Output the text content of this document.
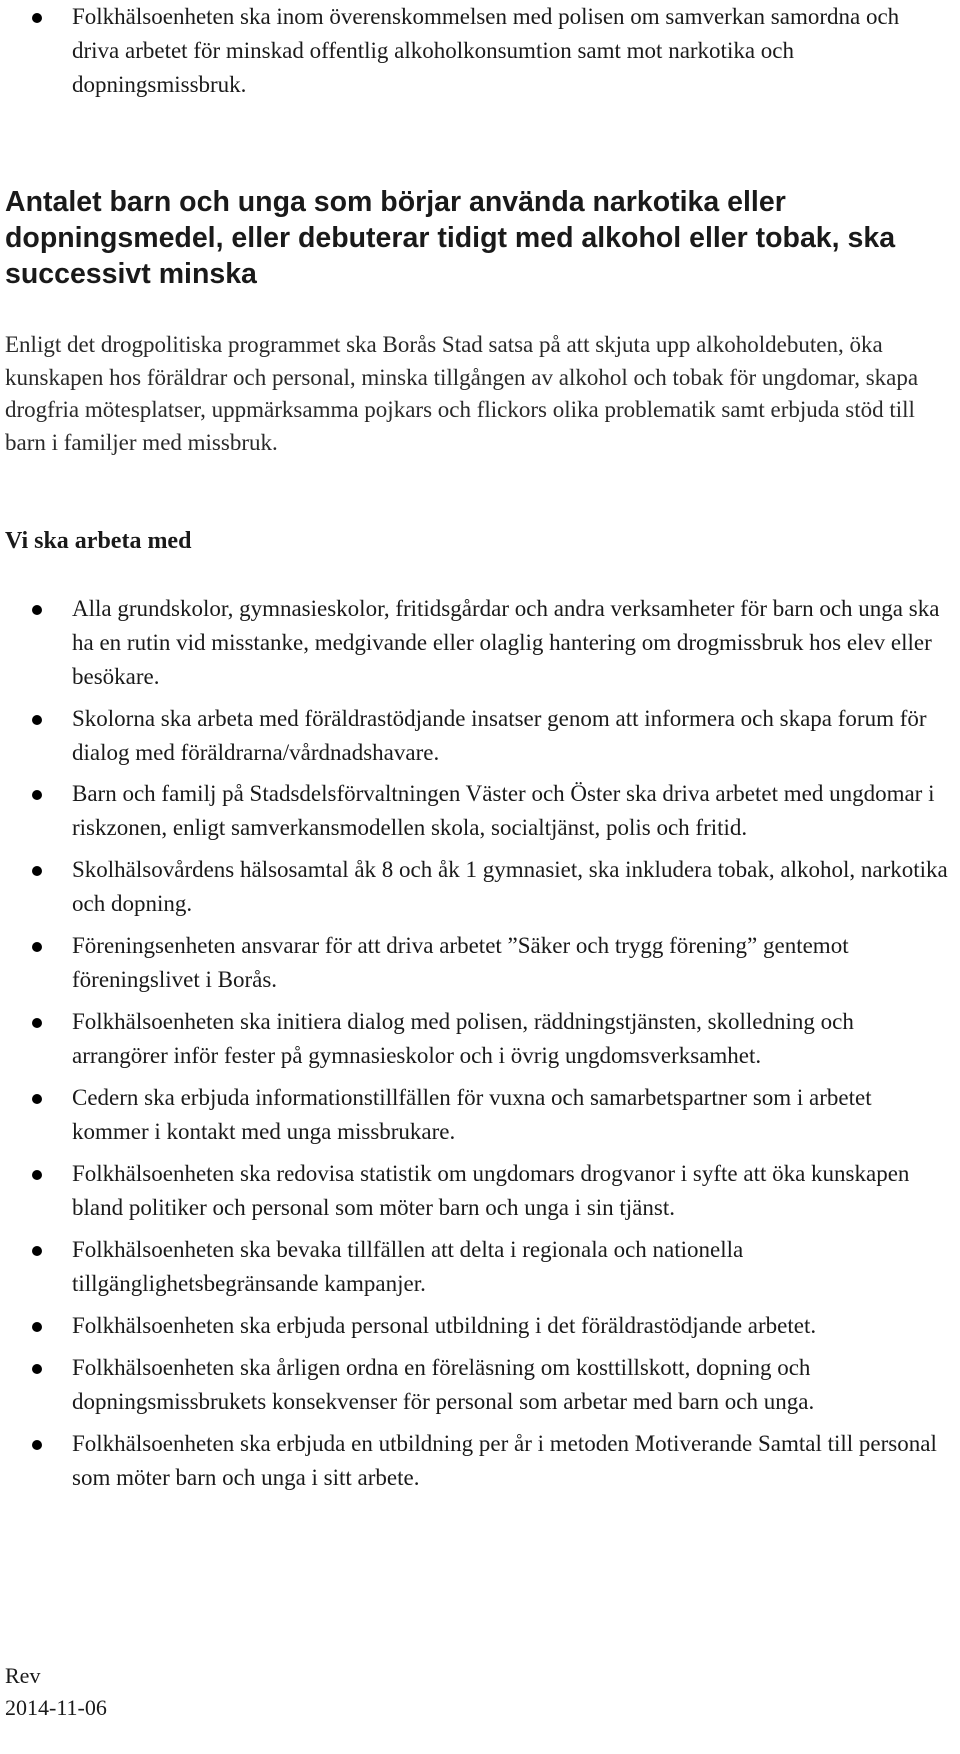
Folkhälsoenheten ska inom överenskommelsen med polisen om samverkan samordna och driva arbetet för minskad offentlig alkoholkonsumtion samt mot narkotika och dopningsmissbruk.
Antalet barn och unga som börjar använda narkotika eller dopningsmedel, eller debuterar tidigt med alkohol eller tobak, ska successivt minska

Enligt det drogpolitiska programmet ska Borås Stad satsa på att skjuta upp alkoholdebuten, öka kunskapen hos föräldrar och personal, minska tillgången av alkohol och tobak för ungdomar, skapa drogfria mötesplatser, uppmärksamma pojkars och flickors olika problematik samt erbjuda stöd till barn i familjer med missbruk.

Vi ska arbeta med
Alla grundskolor, gymnasieskolor, fritidsgårdar och andra verksamheter för barn och unga ska ha en rutin vid misstanke, medgivande eller olaglig hantering om drogmissbruk hos elev eller besökare.
Skolorna ska arbeta med föräldrastödjande insatser genom att informera och skapa forum för dialog med föräldrarna/vårdnadshavare.
Barn och familj på Stadsdelsförvaltningen Väster och Öster ska driva arbetet med ungdomar i riskzonen, enligt samverkansmodellen skola, socialtjänst, polis och fritid.
Skolhälsovårdens hälsosamtal åk 8 och åk 1 gymnasiet, ska inkludera tobak, alkohol, narkotika och dopning.
Föreningsenheten ansvarar för att driva arbetet ”Säker och trygg förening” gentemot föreningslivet i Borås.
Folkhälsoenheten ska initiera dialog med polisen, räddningstjänsten, skolledning och arrangörer inför fester på gymnasieskolor och i övrig ungdomsverksamhet.
Cedern ska erbjuda informationstillfällen för vuxna och samarbetspartner som i arbetet kommer i kontakt med unga missbrukare.
Folkhälsoenheten ska redovisa statistik om ungdomars drogvanor i syfte att öka kunskapen bland politiker och personal som möter barn och unga i sin tjänst.
Folkhälsoenheten ska bevaka tillfällen att delta i regionala och nationella tillgänglighetsbegränsande kampanjer.
Folkhälsoenheten ska erbjuda personal utbildning i det föräldrastödjande arbetet.
Folkhälsoenheten ska årligen ordna en föreläsning om kosttillskott, dopning och dopningsmissbrukets konsekvenser för personal som arbetar med barn och unga.
Folkhälsoenheten ska erbjuda en utbildning per år i metoden Motiverande Samtal till personal som möter barn och unga i sitt arbete.
Rev
2014-11-06
